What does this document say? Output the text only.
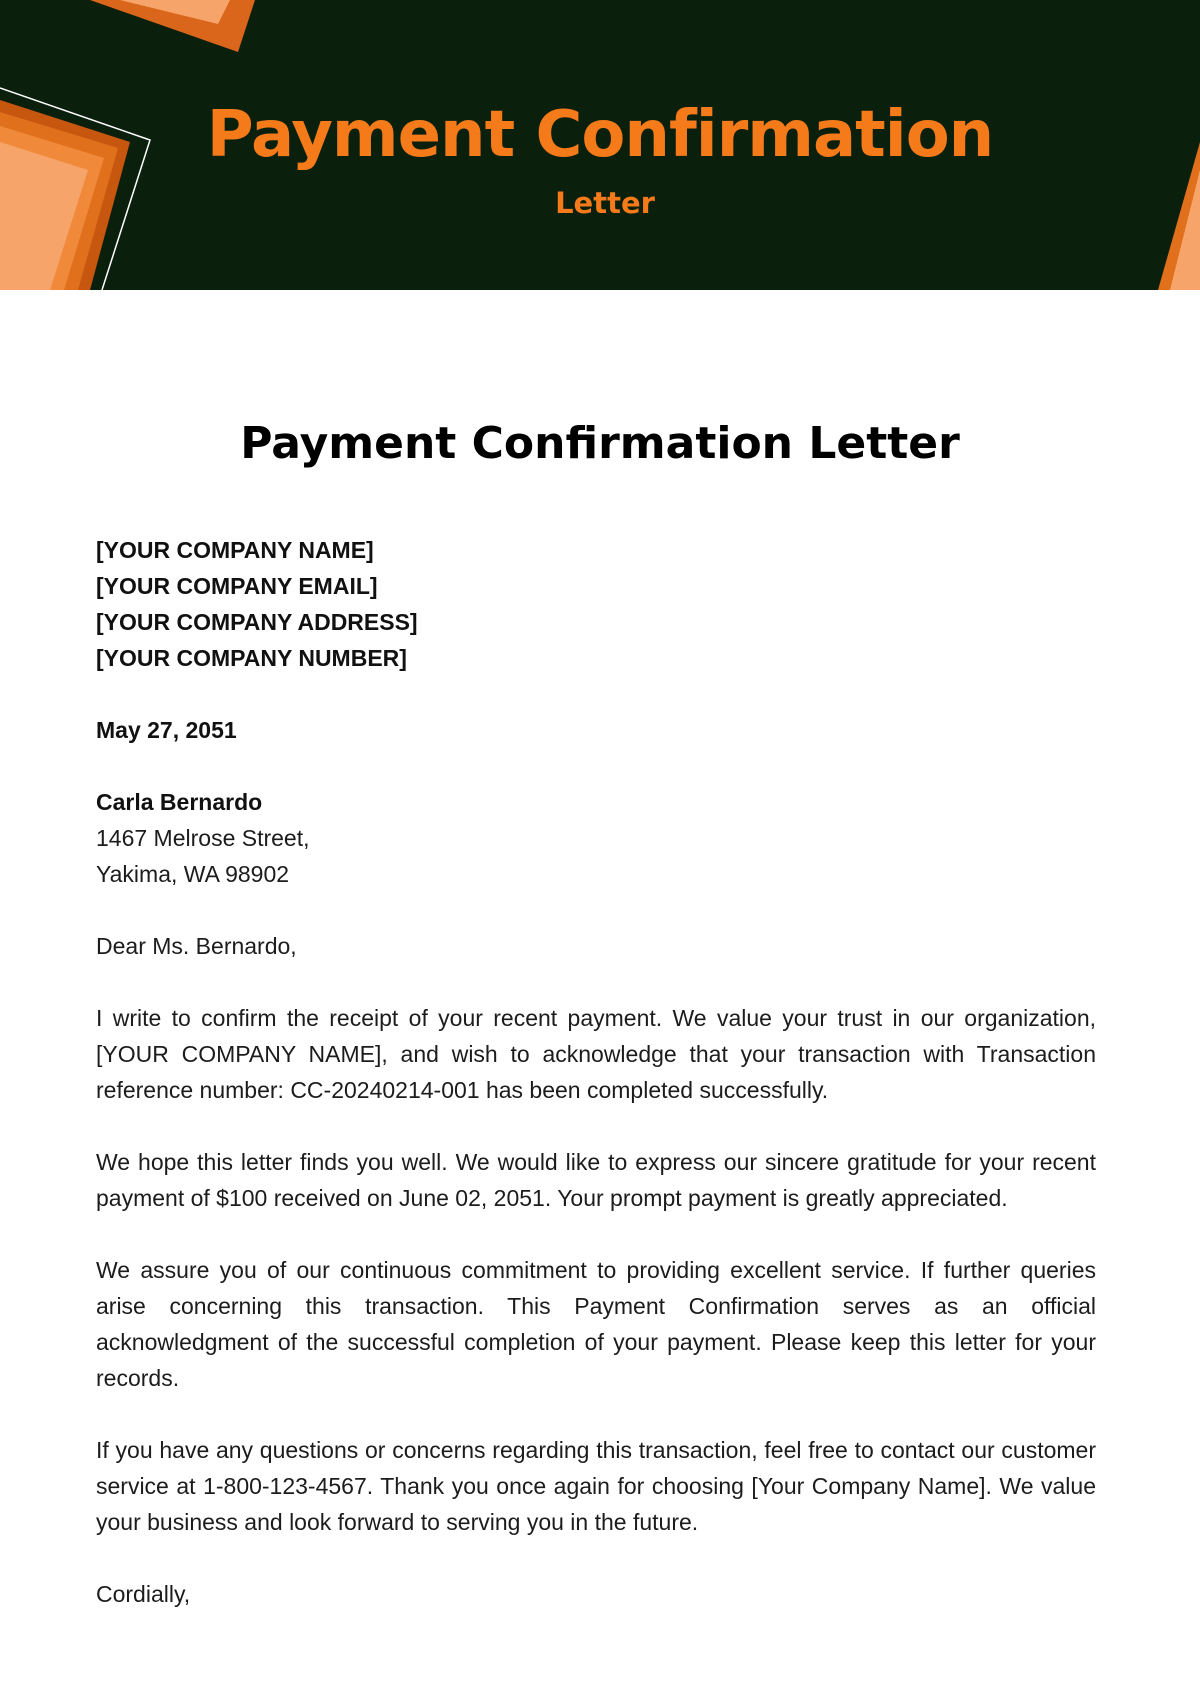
Payment Confirmation
Letter
Payment Confirmation Letter

[YOUR COMPANY NAME]

[YOUR COMPANY EMAIL]

[YOUR COMPANY ADDRESS]

[YOUR COMPANY NUMBER]

May 27, 2051

Carla Bernardo

1467 Melrose Street,

Yakima, WA 98902

Dear Ms. Bernardo,

I write to confirm the receipt of your recent payment. We value your trust in our organization, [YOUR COMPANY NAME], and wish to acknowledge that your transaction with Transaction reference number: CC-20240214-001 has been completed successfully.

We hope this letter finds you well. We would like to express our sincere gratitude for your recent payment of $100 received on June 02, 2051. Your prompt payment is greatly appreciated.

We assure you of our continuous commitment to providing excellent service. If further queries arise concerning this transaction. This Payment Confirmation serves as an official acknowledgment of the successful completion of your payment. Please keep this letter for your records.

If you have any questions or concerns regarding this transaction, feel free to contact our customer service at 1-800-123-4567. Thank you once again for choosing [Your Company Name]. We value your business and look forward to serving you in the future.

Cordially,
